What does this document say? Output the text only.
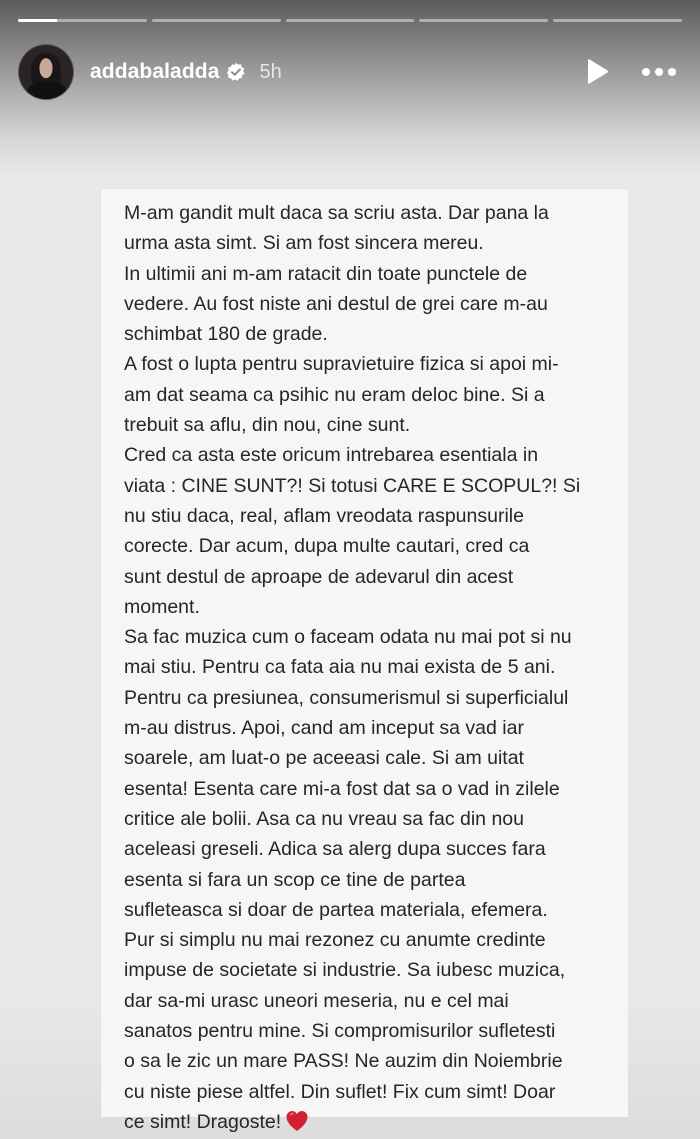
addabaladda 5h

M-am gandit mult daca sa scriu asta. Dar pana la

urma asta simt. Si am fost sincera mereu.

In ultimii ani m-am ratacit din toate punctele de

vedere. Au fost niste ani destul de grei care m-au

schimbat 180 de grade.

A fost o lupta pentru supravietuire fizica si apoi mi-

am dat seama ca psihic nu eram deloc bine. Si a

trebuit sa aflu, din nou, cine sunt.

Cred ca asta este oricum intrebarea esentiala in

viata : CINE SUNT?! Si totusi CARE E SCOPUL?! Si

nu stiu daca, real, aflam vreodata raspunsurile

corecte. Dar acum, dupa multe cautari, cred ca

sunt destul de aproape de adevarul din acest

moment.

Sa fac muzica cum o faceam odata nu mai pot si nu

mai stiu. Pentru ca fata aia nu mai exista de 5 ani.

Pentru ca presiunea, consumerismul si superficialul

m-au distrus. Apoi, cand am inceput sa vad iar

soarele, am luat-o pe aceeasi cale. Si am uitat

esenta! Esenta care mi-a fost dat sa o vad in zilele

critice ale bolii. Asa ca nu vreau sa fac din nou

aceleasi greseli. Adica sa alerg dupa succes fara

esenta si fara un scop ce tine de partea

sufleteasca si doar de partea materiala, efemera.

Pur si simplu nu mai rezonez cu anumte credinte

impuse de societate si industrie. Sa iubesc muzica,

dar sa-mi urasc uneori meseria, nu e cel mai

sanatos pentru mine. Si compromisurilor sufletesti

o sa le zic un mare PASS! Ne auzim din Noiembrie

cu niste piese altfel. Din suflet! Fix cum simt! Doar

ce simt! Dragoste!
